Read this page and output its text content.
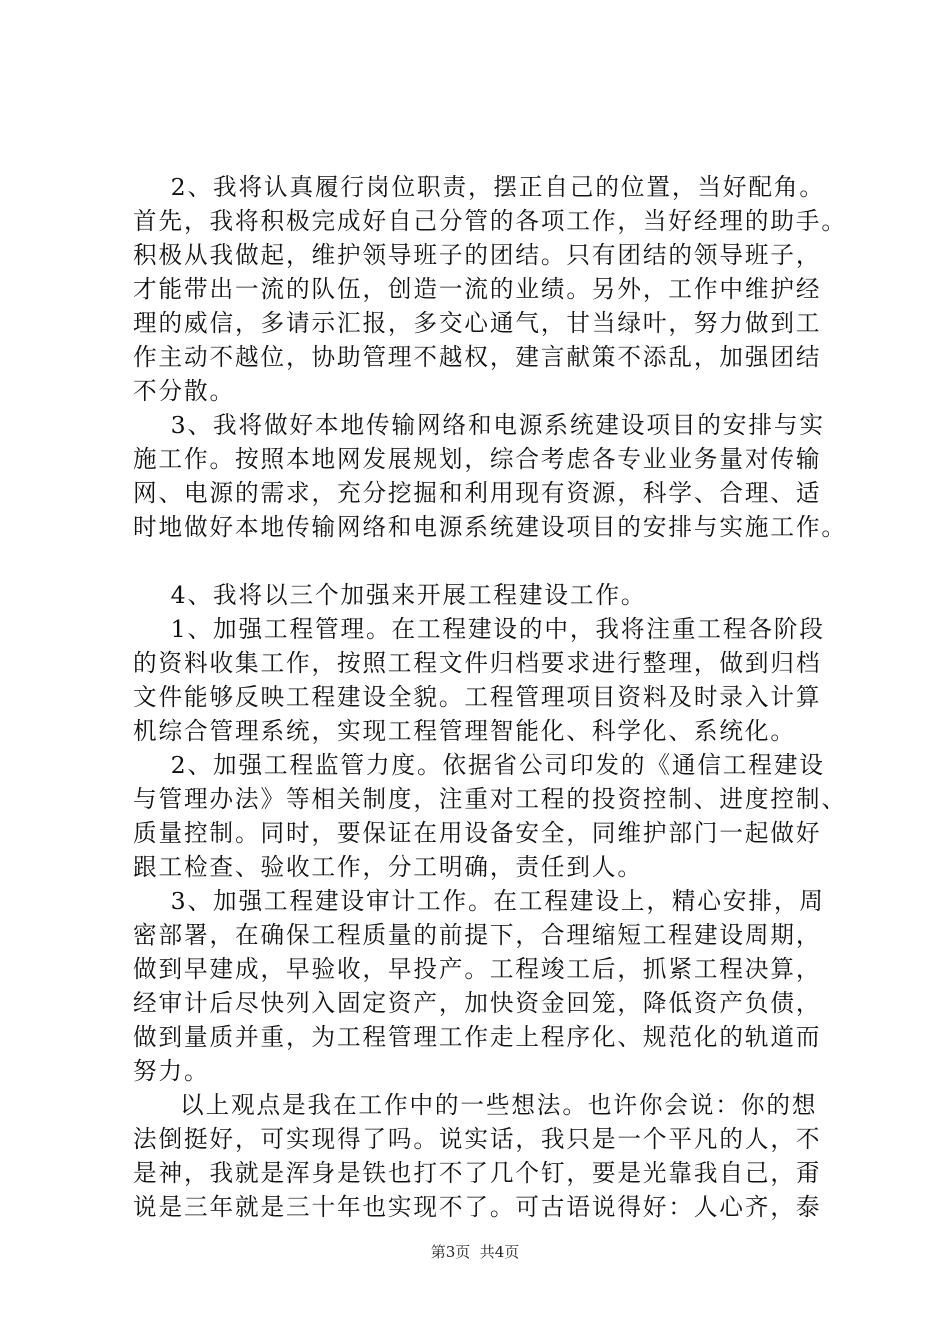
2、我将认真履行岗位职责，摆正自己的位置，当好配角。
首先，我将积极完成好自己分管的各项工作，当好经理的助手。
积极从我做起，维护领导班子的团结。只有团结的领导班子，
才能带出一流的队伍，创造一流的业绩。另外，工作中维护经
理的威信，多请示汇报，多交心通气，甘当绿叶，努力做到工
作主动不越位，协助管理不越权，建言献策不添乱，加强团结
不分散。
3、我将做好本地传输网络和电源系统建设项目的安排与实
施工作。按照本地网发展规划，综合考虑各专业业务量对传输
网、电源的需求，充分挖掘和利用现有资源，科学、合理、适
时地做好本地传输网络和电源系统建设项目的安排与实施工作。
4、我将以三个加强来开展工程建设工作。
1、加强工程管理。在工程建设的中，我将注重工程各阶段
的资料收集工作，按照工程文件归档要求进行整理，做到归档
文件能够反映工程建设全貌。工程管理项目资料及时录入计算
机综合管理系统，实现工程管理智能化、科学化、系统化。
2、加强工程监管力度。依据省公司印发的《通信工程建设
与管理办法》等相关制度，注重对工程的投资控制、进度控制、
质量控制。同时，要保证在用设备安全，同维护部门一起做好
跟工检查、验收工作，分工明确，责任到人。
3、加强工程建设审计工作。在工程建设上，精心安排，周
密部署，在确保工程质量的前提下，合理缩短工程建设周期，
做到早建成，早验收，早投产。工程竣工后，抓紧工程决算，
经审计后尽快列入固定资产，加快资金回笼，降低资产负债，
做到量质并重，为工程管理工作走上程序化、规范化的轨道而
努力。
以上观点是我在工作中的一些想法。也许你会说：你的想
法倒挺好，可实现得了吗。说实话，我只是一个平凡的人，不
是神，我就是浑身是铁也打不了几个钉，要是光靠我自己，甭
说是三年就是三十年也实现不了。可古语说得好：人心齐，泰
第3页  共4页
